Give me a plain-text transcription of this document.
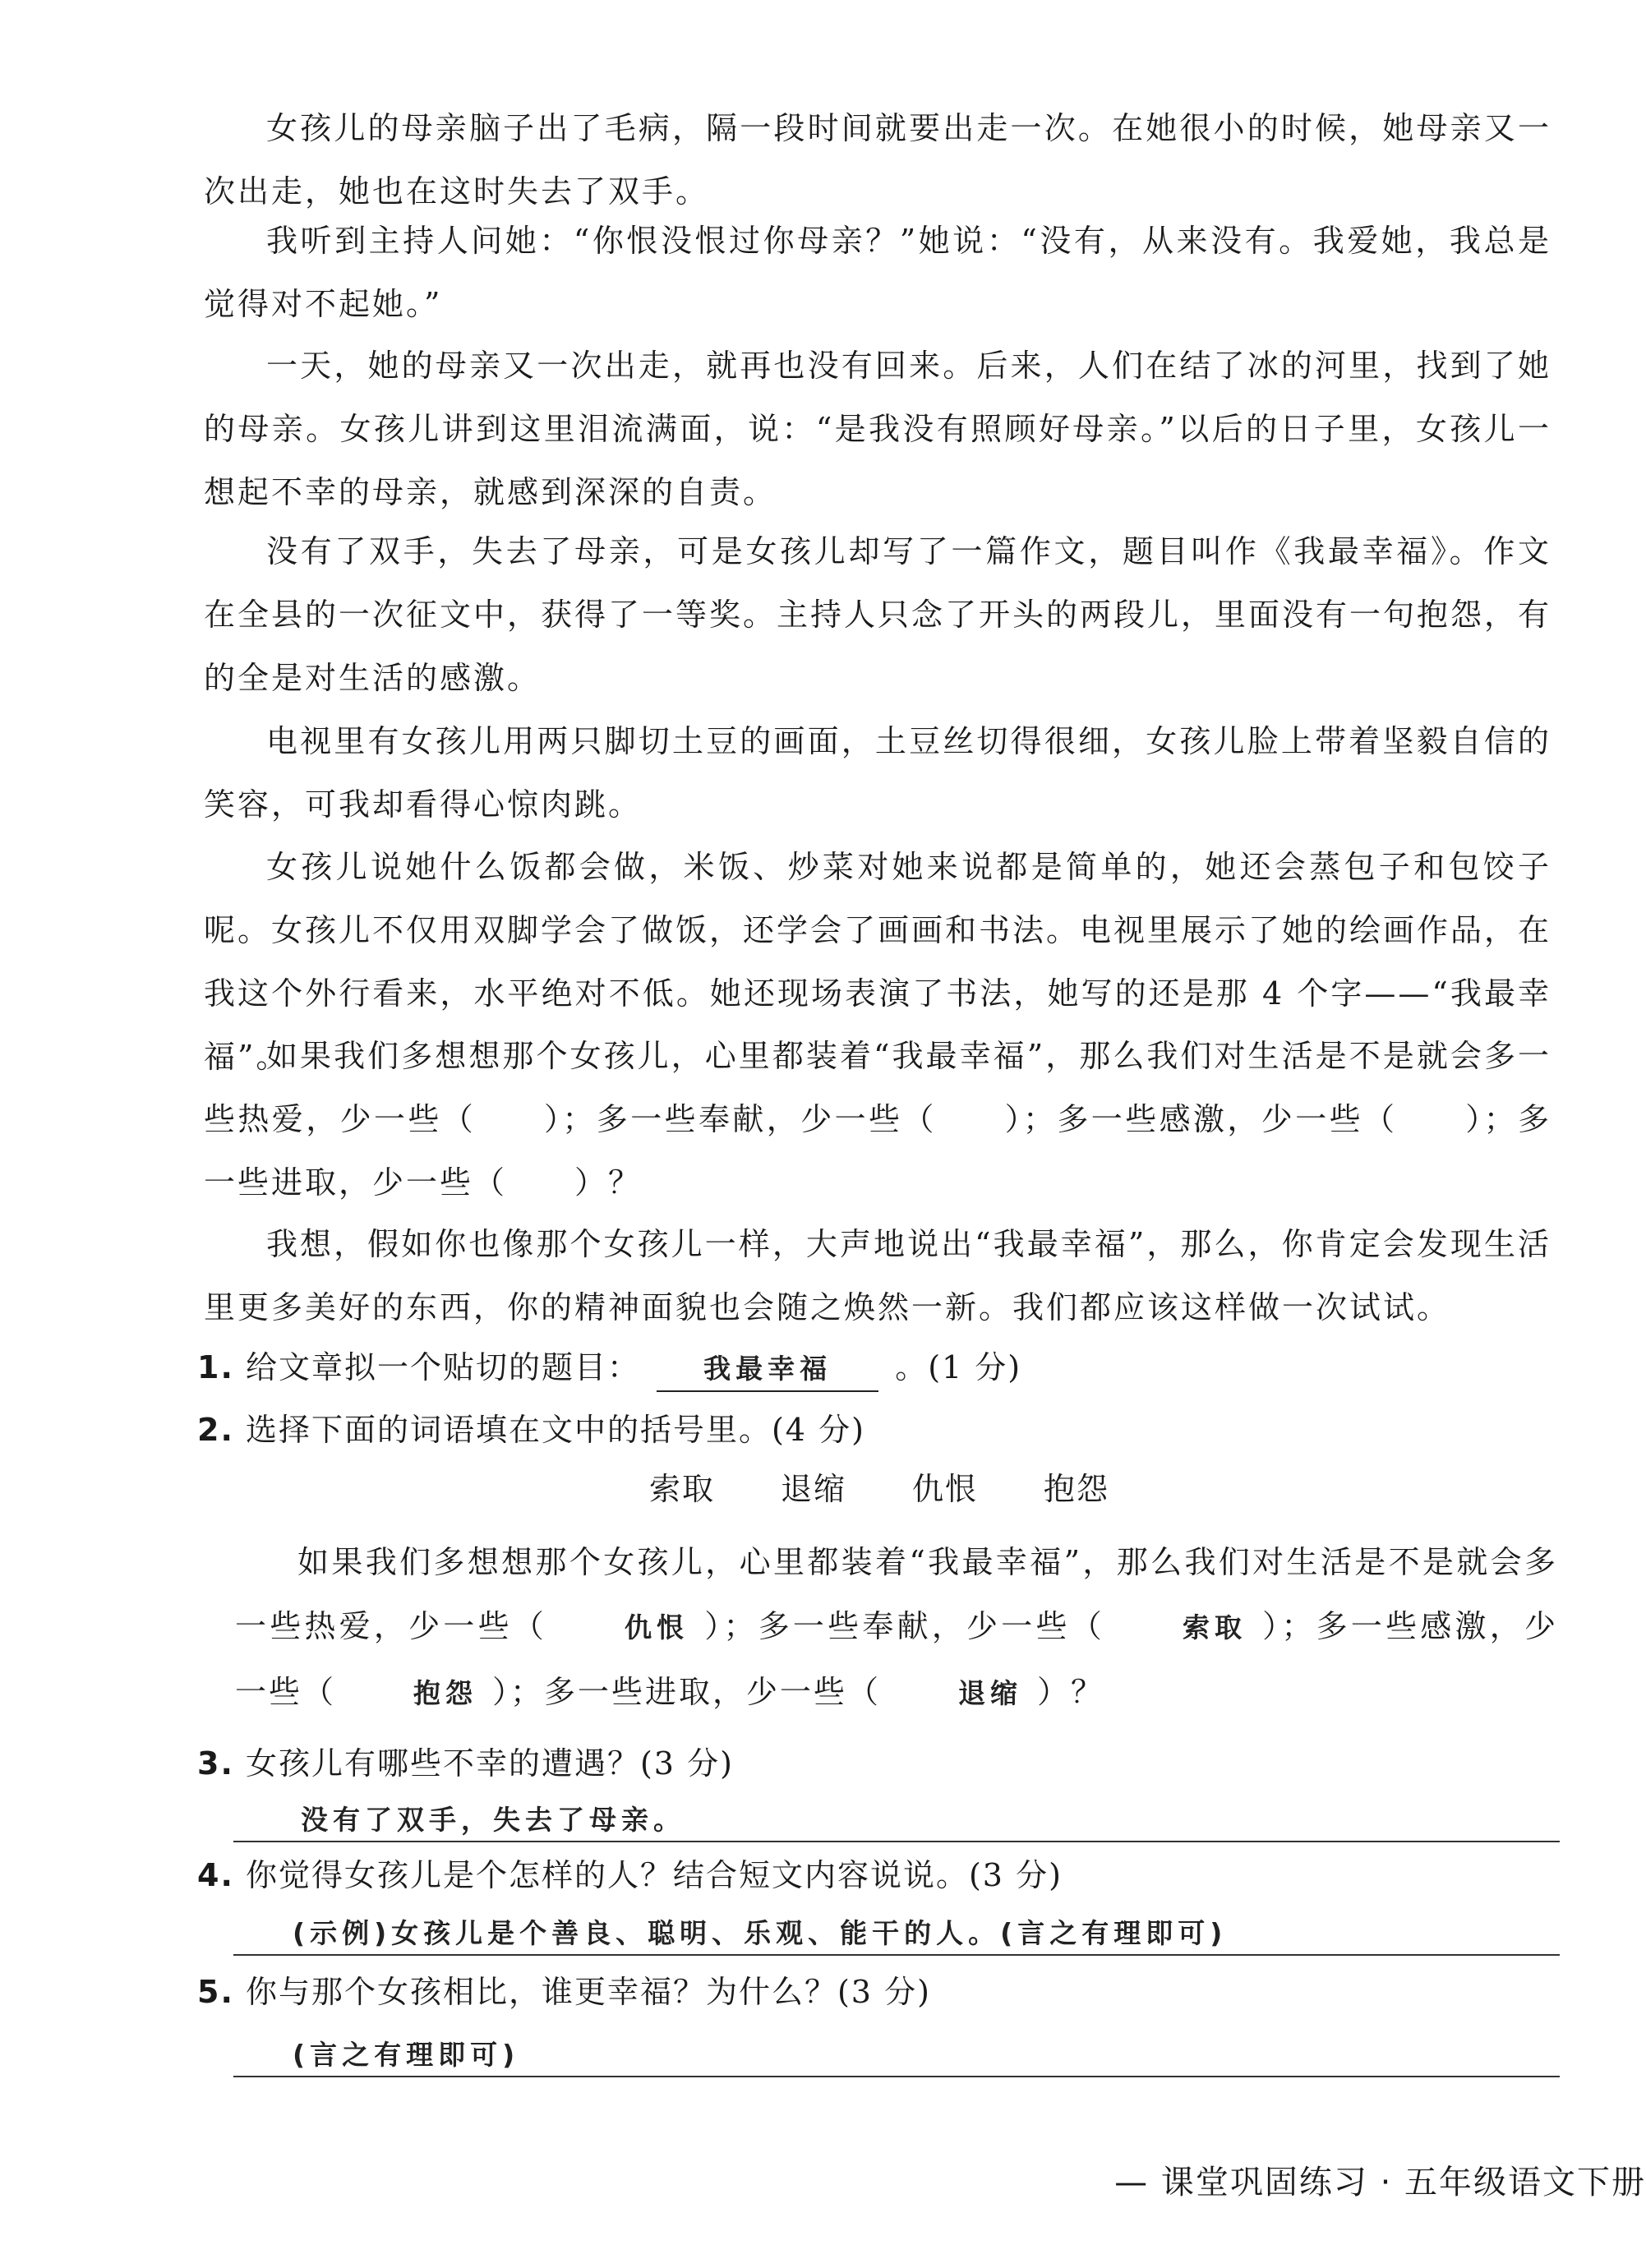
女孩儿的母亲脑子出了毛病，隔一段时间就要出走一次。在她很小的时候，她母亲又一次出走，她也在这时失去了双手。

我听到主持人问她：“你恨没恨过你母亲？”她说：“没有，从来没有。我爱她，我总是觉得对不起她。”

一天，她的母亲又一次出走，就再也没有回来。后来，人们在结了冰的河里，找到了她的母亲。女孩儿讲到这里泪流满面，说：“是我没有照顾好母亲。”以后的日子里，女孩儿一想起不幸的母亲，就感到深深的自责。

没有了双手，失去了母亲，可是女孩儿却写了一篇作文，题目叫作《我最幸福》。作文在全县的一次征文中，获得了一等奖。主持人只念了开头的两段儿，里面没有一句抱怨，有的全是对生活的感激。

电视里有女孩儿用两只脚切土豆的画面，土豆丝切得很细，女孩儿脸上带着坚毅自信的笑容，可我却看得心惊肉跳。

女孩儿说她什么饭都会做，米饭、炒菜对她来说都是简单的，她还会蒸包子和包饺子呢。女孩儿不仅用双脚学会了做饭，还学会了画画和书法。电视里展示了她的绘画作品，在我这个外行看来，水平绝对不低。她还现场表演了书法，她写的还是那 4 个字——“我最幸福”。

如果我们多想想那个女孩儿，心里都装着“我最幸福”，那么我们对生活是不是就会多一些热爱，少一些（　　）；多一些奉献，少一些（　　）；多一些感激，少一些（　　）；多一些进取，少一些（　　）？

我想，假如你也像那个女孩儿一样，大声地说出“我最幸福”，那么，你肯定会发现生活里更多美好的东西，你的精神面貌也会随之焕然一新。我们都应该这样做一次试试。

1. 给文章拟一个贴切的题目： 我最幸福 。(1 分)
2. 选择下面的词语填在文中的括号里。(4 分)
索取 退缩 仇恨 抱怨

如果我们多想想那个女孩儿，心里都装着“我最幸福”，那么我们对生活是不是就会多一些热爱，少一些（	仇恨 ）；多一些奉献，少一些（	索取 ）；多一些感激，少一些（	抱怨 ）；多一些进取，少一些（	退缩 ）？

3. 女孩儿有哪些不幸的遭遇？(3 分)
没有了双手，失去了母亲。
4. 你觉得女孩儿是个怎样的人？结合短文内容说说。(3 分)
(示例)女孩儿是个善良、聪明、乐观、能干的人。(言之有理即可)
5. 你与那个女孩相比，谁更幸福？为什么？(3 分)
(言之有理即可)
— 课堂巩固练习 · 五年级语文下册
